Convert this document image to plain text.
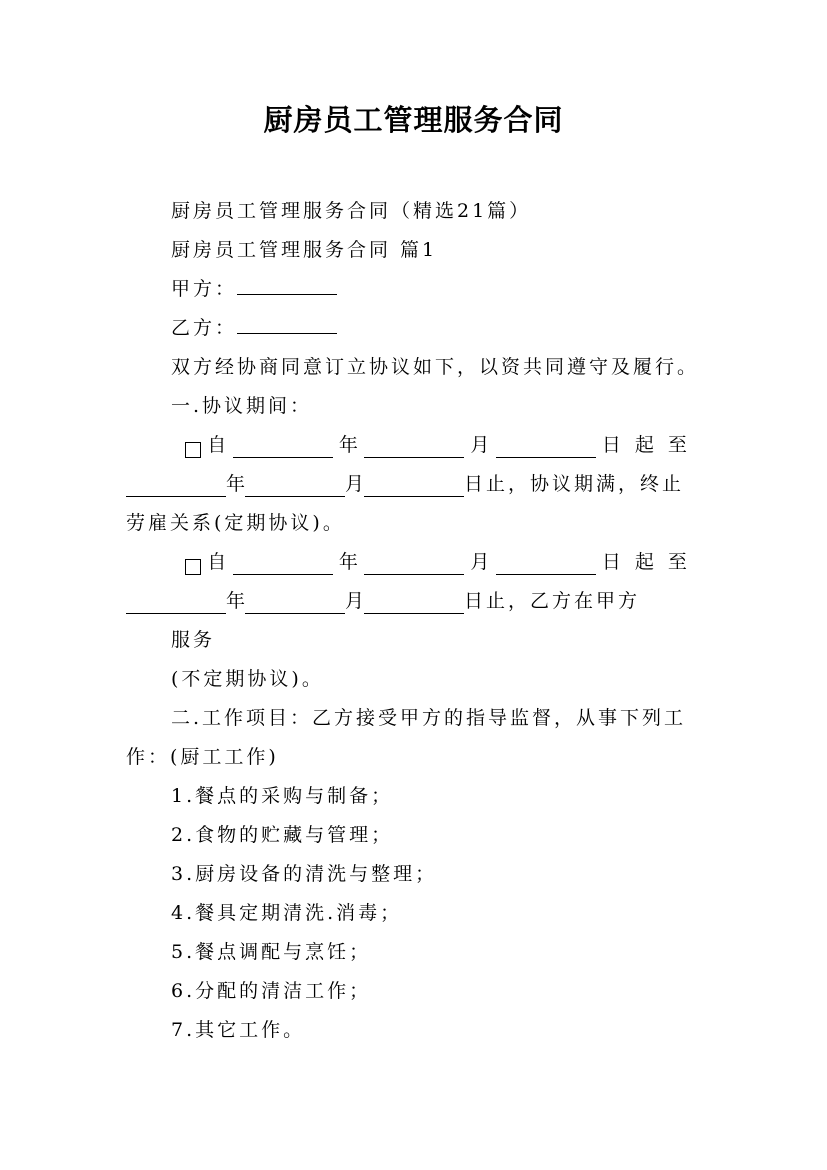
厨房员工管理服务合同
厨房员工管理服务合同（精选21篇）
厨房员工管理服务合同 篇1
甲方：
乙方：
双方经协商同意订立协议如下，以资共同遵守及履行。
一.协议期间：
自	年	月	日起至
年	月	日止，协议期满，终止
劳雇关系(定期协议)。
自	年	月	日起至
年	月	日止，乙方在甲方
服务
(不定期协议)。
二.工作项目：乙方接受甲方的指导监督，从事下列工
作：(厨工工作)
1.餐点的采购与制备；
2.食物的贮藏与管理；
3.厨房设备的清洗与整理；
4.餐具定期清洗.消毒；
5.餐点调配与烹饪；
6.分配的清洁工作；
7.其它工作。
